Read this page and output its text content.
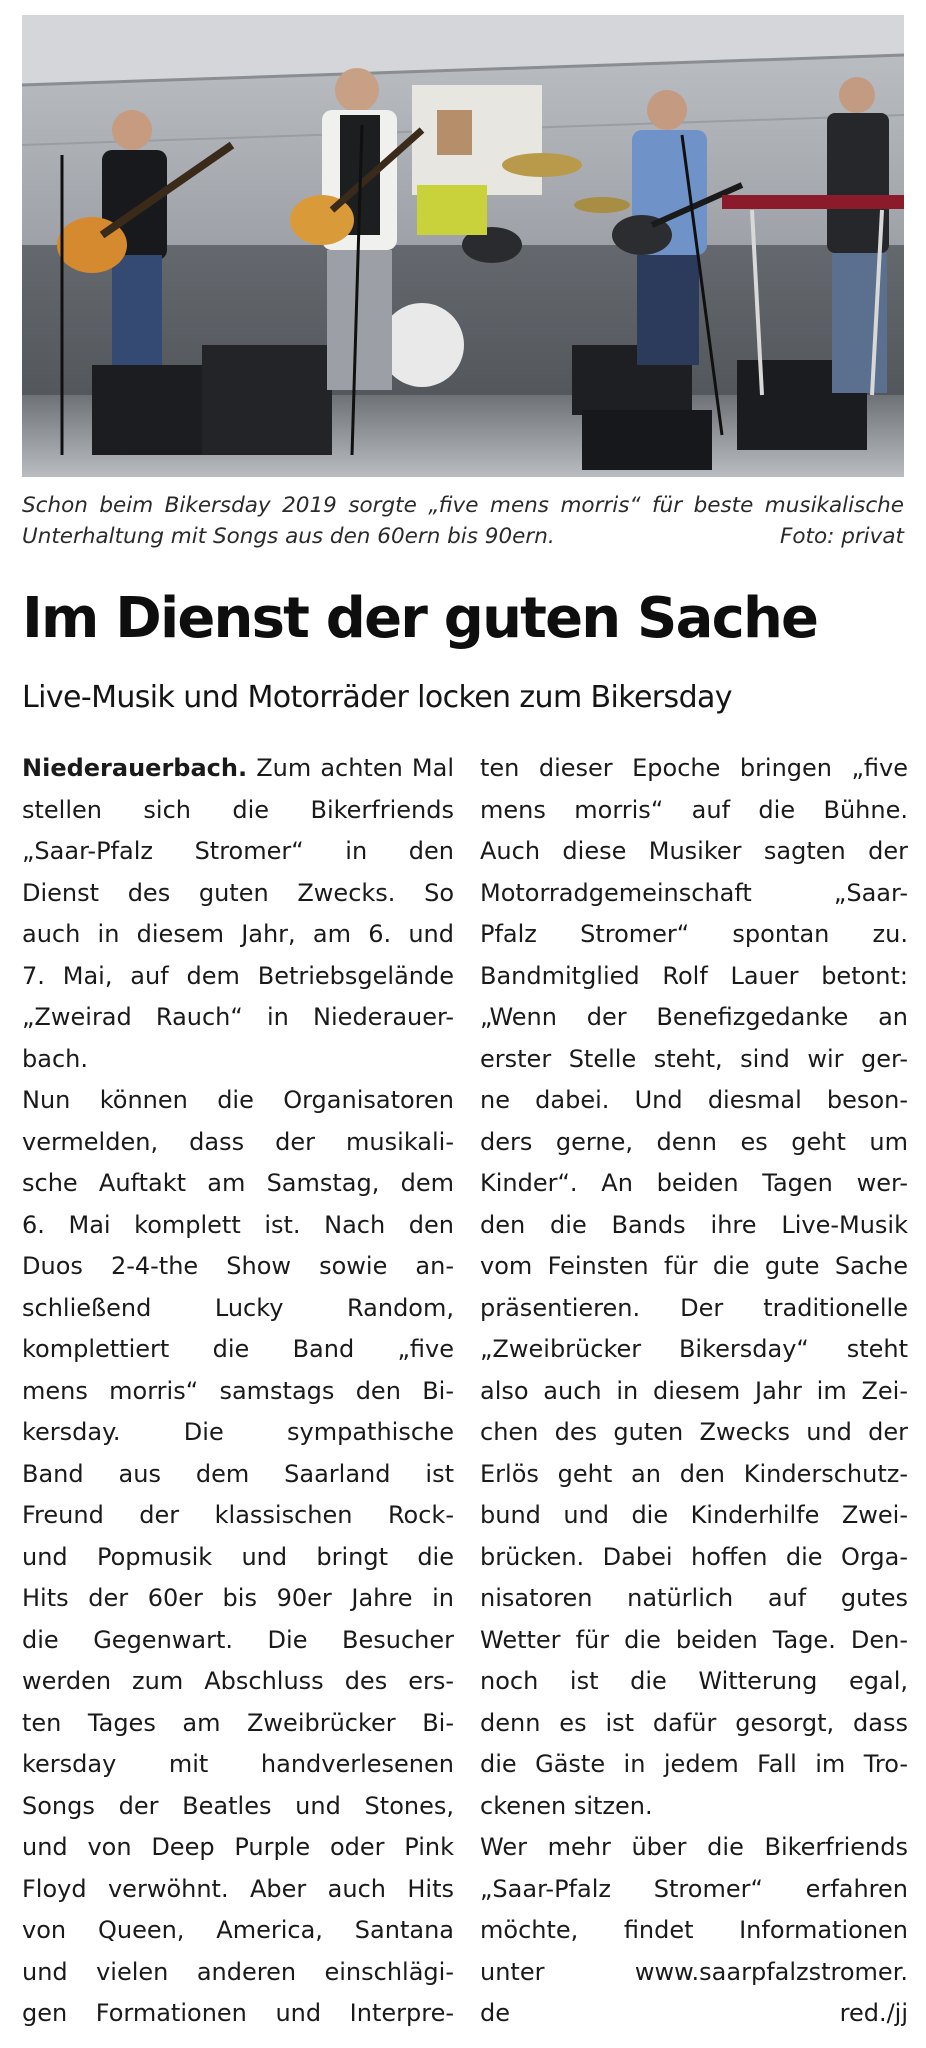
Schon beim Bikersday 2019 sorgte „five mens morris“ für beste musikalische
Unterhaltung mit Songs aus den 60ern bis 90ern.	Foto: privat
Im Dienst der guten Sache
Live-Musik und Motorräder locken zum Bikersday
Niederauerbach. Zum achten Mal
stellen sich die Bikerfriends
„Saar-Pfalz Stromer“ in den
Dienst des guten Zwecks. So
auch in diesem Jahr, am 6. und
7. Mai, auf dem Betriebsgelände
„Zweirad Rauch“ in Niederauer-
bach.
Nun können die Organisatoren
vermelden, dass der musikali-
sche Auftakt am Samstag, dem
6. Mai komplett ist. Nach den
Duos 2-4-the Show sowie an-
schließend Lucky Random,
komplettiert die Band „five
mens morris“ samstags den Bi-
kersday. Die sympathische
Band aus dem Saarland ist
Freund der klassischen Rock-
und Popmusik und bringt die
Hits der 60er bis 90er Jahre in
die Gegenwart. Die Besucher
werden zum Abschluss des ers-
ten Tages am Zweibrücker Bi-
kersday mit handverlesenen
Songs der Beatles und Stones,
und von Deep Purple oder Pink
Floyd verwöhnt. Aber auch Hits
von Queen, America, Santana
und vielen anderen einschlägi-
gen Formationen und Interpre-
ten dieser Epoche bringen „five
mens morris“ auf die Bühne.
Auch diese Musiker sagten der
Motorradgemeinschaft „Saar-
Pfalz Stromer“ spontan zu.
Bandmitglied Rolf Lauer betont:
„Wenn der Benefizgedanke an
erster Stelle steht, sind wir ger-
ne dabei. Und diesmal beson-
ders gerne, denn es geht um
Kinder“. An beiden Tagen wer-
den die Bands ihre Live-Musik
vom Feinsten für die gute Sache
präsentieren. Der traditionelle
„Zweibrücker Bikersday“ steht
also auch in diesem Jahr im Zei-
chen des guten Zwecks und der
Erlös geht an den Kinderschutz-
bund und die Kinderhilfe Zwei-
brücken. Dabei hoffen die Orga-
nisatoren natürlich auf gutes
Wetter für die beiden Tage. Den-
noch ist die Witterung egal,
denn es ist dafür gesorgt, dass
die Gäste in jedem Fall im Tro-
ckenen sitzen.
Wer mehr über die Bikerfriends
„Saar-Pfalz Stromer“ erfahren
möchte, findet Informationen
unter www.saarpfalzstromer.
de	red./jj
